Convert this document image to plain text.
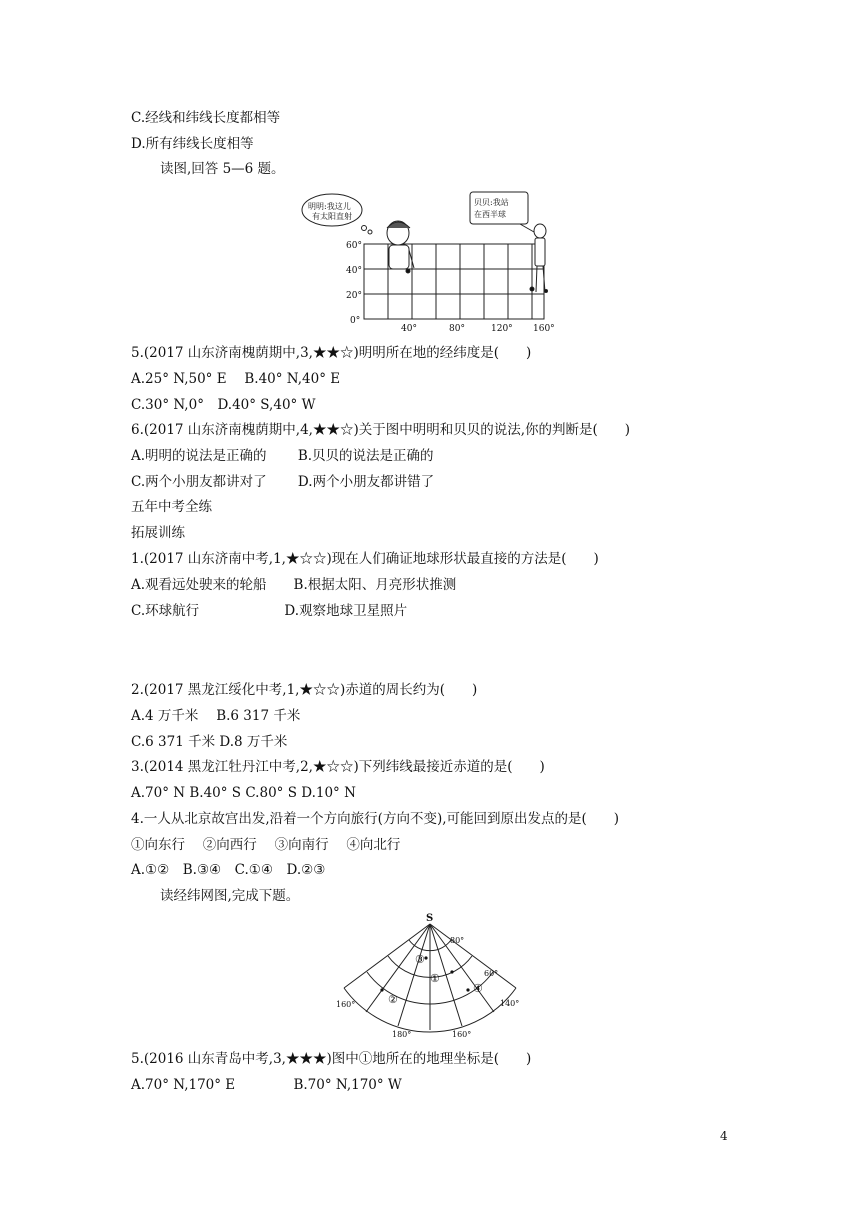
C.经线和纬线长度都相等
D.所有纬线长度相等
读图,回答 5—6 题。
60°
40°
20°
0°
40°	80°	120° 160°
明明:我这儿
有太阳直射
贝贝:我站
在西半球
5.(2017 山东济南槐荫期中,3,★★☆)明明所在地的经纬度是(　　)
A.25° N,50° E　 B.40° N,40° E
C.30° N,0°　D.40° S,40° W
6.(2017 山东济南槐荫期中,4,★★☆)关于图中明明和贝贝的说法,你的判断是(　　)
A.明明的说法是正确的　　 B.贝贝的说法是正确的
C.两个小朋友都讲对了　　 D.两个小朋友都讲错了
五年中考全练
拓展训练
1.(2017 山东济南中考,1,★☆☆)现在人们确证地球形状最直接的方法是(　　)
A.观看远处驶来的轮船　　B.根据太阳、月亮形状推测
C.环球航行　　　　　　 D.观察地球卫星照片
2.(2017 黑龙江绥化中考,1,★☆☆)赤道的周长约为(　　)
A.4 万千米　 B.6 317 千米
C.6 371 千米 D.8 万千米
3.(2014 黑龙江牡丹江中考,2,★☆☆)下列纬线最接近赤道的是(　　)
A.70° N B.40° S C.80° S D.10° N
4.一人从北京故宫出发,沿着一个方向旅行(方向不变),可能回到原出发点的是(　　)
①向东行　 ②向西行　 ③向南行　 ④向北行
A.①②　B.③④　C.①④　D.②③
读经纬网图,完成下题。
S
80°
60°
140°
160°
180°	160°
①
②
③
④
5.(2016 山东青岛中考,3,★★★)图中①地所在的地理坐标是(　　)
A.70° N,170° E　　　　 B.70° N,170° W
4
